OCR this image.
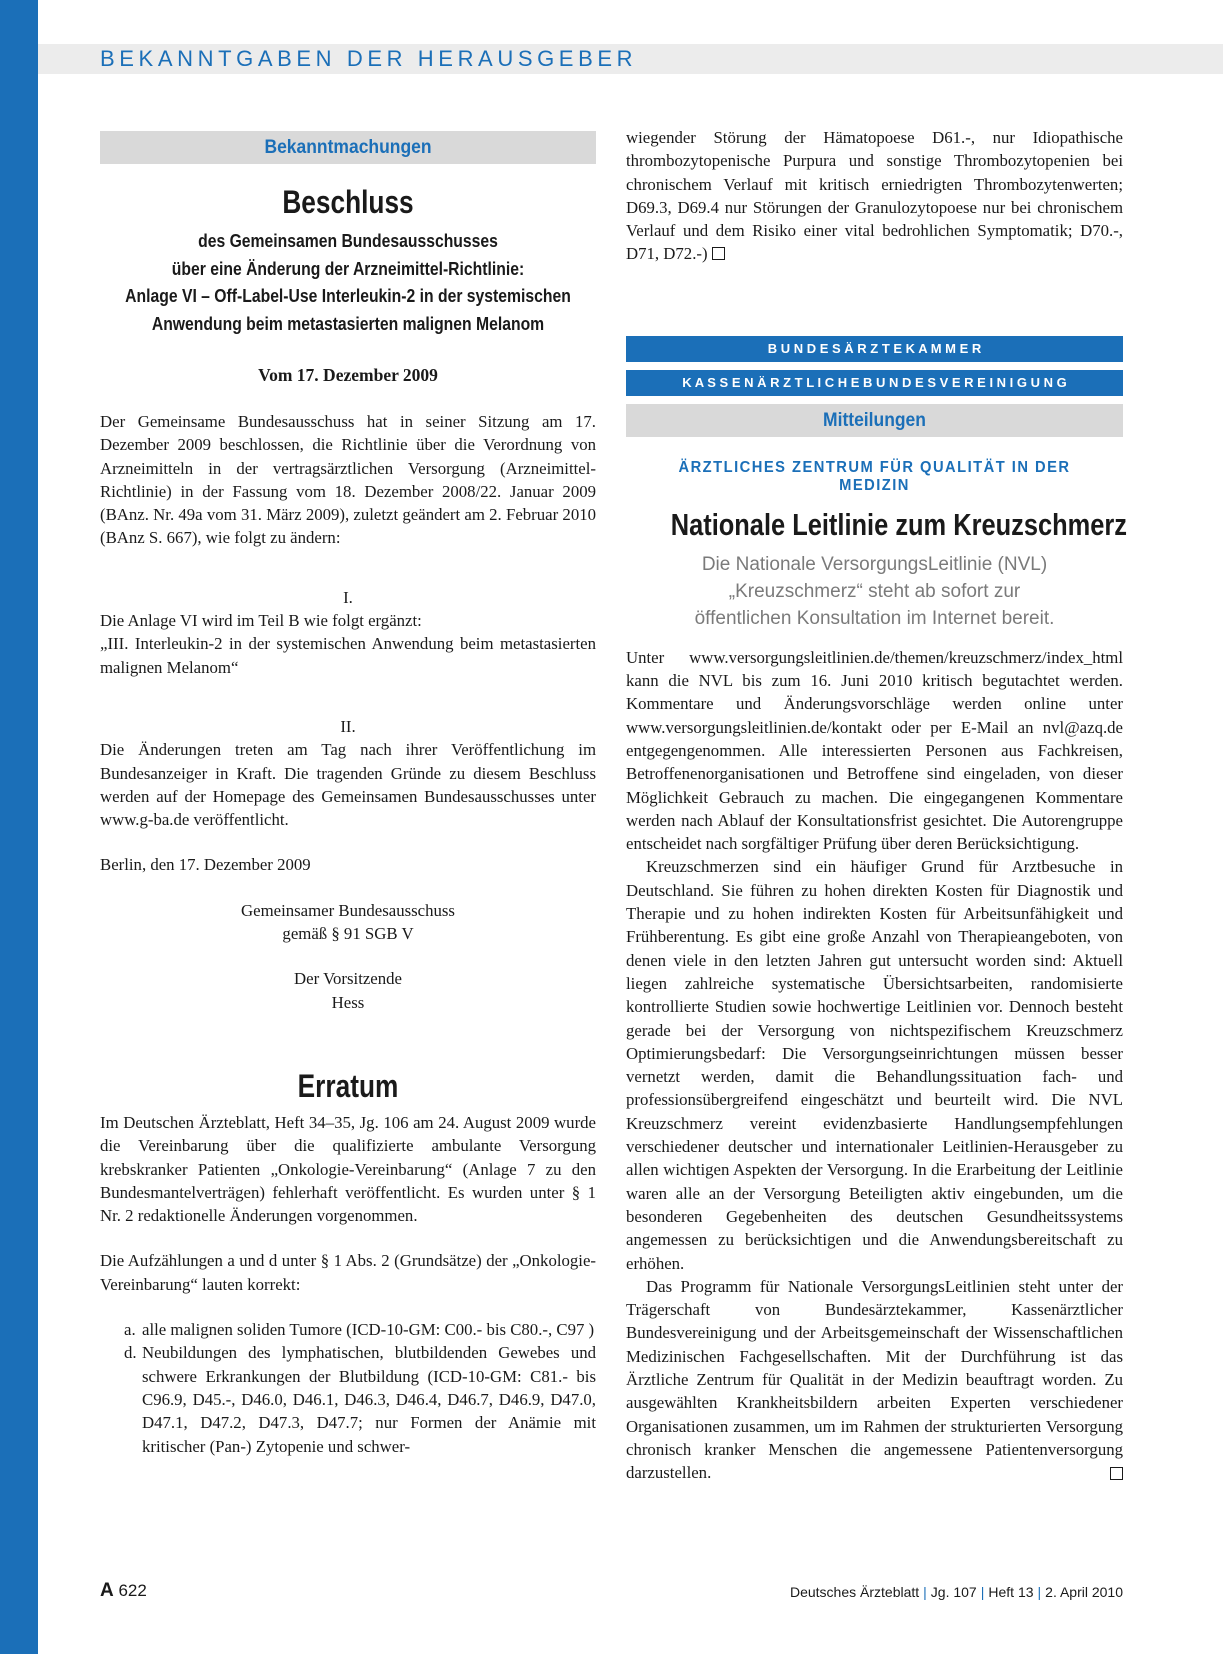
BEKANNTGABEN DER HERAUSGEBER
Bekanntmachungen
Beschluss
des Gemeinsamen Bundesausschusses
über eine Änderung der Arzneimittel-Richtlinie:
Anlage VI – Off-Label-Use Interleukin-2 in der systemischen
Anwendung beim metastasierten malignen Melanom
Vom 17. Dezember 2009

Der Gemeinsame Bundesausschuss hat in seiner Sitzung am 17. Dezember 2009 beschlossen, die Richtlinie über die Verordnung von Arzneimitteln in der vertragsärztlichen Versorgung (Arzneimittel-Richtlinie) in der Fassung vom 18. Dezember 2008/22. Januar 2009 (BAnz. Nr. 49a vom 31. März 2009), zuletzt geändert am 2. Februar 2010 (BAnz S. 667), wie folgt zu ändern:

I.

Die Anlage VI wird im Teil B wie folgt ergänzt:

„III. Interleukin-2 in der systemischen Anwendung beim metastasierten malignen Melanom“

II.

Die Änderungen treten am Tag nach ihrer Veröffentlichung im Bundesanzeiger in Kraft. Die tragenden Gründe zu diesem Beschluss werden auf der Homepage des Gemeinsamen Bundesausschusses unter www.g-ba.de veröffentlicht.

Berlin, den 17. Dezember 2009

Gemeinsamer Bundesausschuss

gemäß § 91 SGB V

Der Vorsitzende

Hess

Erratum

Im Deutschen Ärzteblatt, Heft 34–35, Jg. 106 am 24. August 2009 wurde die Vereinbarung über die qualifizierte ambulante Versorgung krebskranker Patienten „Onkologie-Vereinbarung“ (Anlage 7 zu den Bundesmantelverträgen) fehlerhaft veröffentlicht. Es wurden unter § 1 Nr. 2 redaktionelle Änderungen vorgenommen.

Die Aufzählungen a und d unter § 1 Abs. 2 (Grundsätze) der „Onkologie-Vereinbarung“ lauten korrekt:

a. alle malignen soliden Tumore (ICD-10-GM: C00.- bis C80.-, C97 )
d. Neubildungen des lymphatischen, blutbildenden Gewebes und schwere Erkrankungen der Blutbildung (ICD-10-GM: C81.- bis C96.9, D45.-, D46.0, D46.1, D46.3, D46.4, D46.7, D46.9, D47.0, D47.1, D47.2, D47.3, D47.7; nur Formen der Anämie mit kritischer (Pan-) Zytopenie und schwer-

wiegender Störung der Hämatopoese D61.-, nur Idiopathische thrombozytopenische Purpura und sonstige Thrombozytopenien bei chronischem Verlauf mit kritisch erniedrigten Thrombozytenwerten; D69.3, D69.4 nur Störungen der Granulozytopoese nur bei chronischem Verlauf und dem Risiko einer vital bedrohlichen Symptomatik; D70.-, D71, D72.-)

B U N D E S Ä R Z T E K A M M E R
K A S S E N Ä R Z T L I C H E B U N D E S V E R E I N I G U N G
Mitteilungen
ÄRZTLICHES ZENTRUM FÜR QUALITÄT IN DER MEDIZIN
Nationale Leitlinie zum Kreuzschmerz
Die Nationale VersorgungsLeitlinie (NVL)
„Kreuzschmerz“ steht ab sofort zur
öffentlichen Konsultation im Internet bereit.

Unter www.versorgungsleitlinien.de/themen/kreuzschmerz/index_html kann die NVL bis zum 16. Juni 2010 kritisch begutachtet werden. Kommentare und Änderungsvorschläge werden online unter www.versorgungsleitlinien.de/kontakt oder per E-Mail an nvl@azq.de entgegengenommen. Alle interessierten Personen aus Fachkreisen, Betroffenenorganisationen und Betroffene sind eingeladen, von dieser Möglichkeit Gebrauch zu machen. Die eingegangenen Kommentare werden nach Ablauf der Konsultationsfrist gesichtet. Die Autorengruppe entscheidet nach sorgfältiger Prüfung über deren Berücksichtigung.

Kreuzschmerzen sind ein häufiger Grund für Arztbesuche in Deutschland. Sie führen zu hohen direkten Kosten für Diagnostik und Therapie und zu hohen indirekten Kosten für Arbeitsunfähigkeit und Frühberentung. Es gibt eine große Anzahl von Therapieangeboten, von denen viele in den letzten Jahren gut untersucht worden sind: Aktuell liegen zahlreiche systematische Übersichtsarbeiten, randomisierte kontrollierte Studien sowie hochwertige Leitlinien vor. Dennoch besteht gerade bei der Versorgung von nichtspezifischem Kreuzschmerz Optimierungsbedarf: Die Versorgungseinrichtungen müssen besser vernetzt werden, damit die Behandlungssituation fach- und professionsübergreifend eingeschätzt und beurteilt wird. Die NVL Kreuzschmerz vereint evidenzbasierte Handlungsempfehlungen verschiedener deutscher und internationaler Leitlinien-Herausgeber zu allen wichtigen Aspekten der Versorgung. In die Erarbeitung der Leitlinie waren alle an der Versorgung Beteiligten aktiv eingebunden, um die besonderen Gegebenheiten des deutschen Gesundheitssystems angemessen zu berücksichtigen und die Anwendungsbereitschaft zu erhöhen.

Das Programm für Nationale VersorgungsLeitlinien steht unter der Trägerschaft von Bundesärztekammer, Kassenärztlicher Bundesvereinigung und der Arbeitsgemeinschaft der Wissenschaftlichen Medizinischen Fachgesellschaften. Mit der Durchführung ist das Ärztliche Zentrum für Qualität in der Medizin beauftragt worden. Zu ausgewählten Krankheitsbildern arbeiten Experten verschiedener Organisationen zusammen, um im Rahmen der strukturierten Versorgung chronisch kranker Menschen die angemessene Patientenversorgung darzustellen.

A 622	Deutsches Ärzteblatt | Jg. 107 | Heft 13 | 2. April 2010
